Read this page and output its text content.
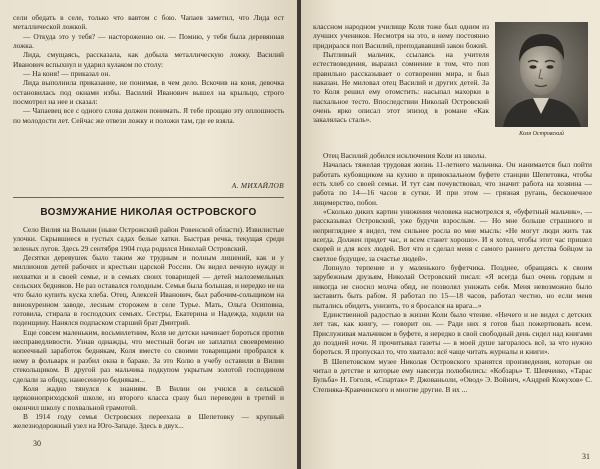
сели обедать в селе, только что вавтом с бою. Чапаев заметил, что Лида ест металлической ложкой.

— Откуда это у тебя? — настороженно он. — Помню, у тебя была деревянная ложка.

Лида, смущаясь, рассказала, как добыла металлическую ложку. Василий Иванович вспыхнул и ударил кулаком по столу:

— На коня! — приказал он.

Лида выполнила приказание, не понимая, в чем дело. Вскочив на коня, девочка остановилась под окнами избы. Василий Иванович вышел на крыльцо, строго посмотрел на нее и сказал:

— Чапаевец все с одного слова должен понимать. Я тебе прощаю эту оплошность по молодости лет. Сейчас же отвези ложку и положи там, где ее взяла.

А. МИХАЙЛОВ
ВОЗМУЖАНИЕ НИКОЛАЯ ОСТРОВСКОГО

Село Вилия на Волыни (ныне Острожский район Ровенской области). Извилистые улочки. Скрывшиеся в густых садах белые хатки. Быстрая речка, текущая среди зеленых лугов. Здесь 29 сентября 1904 года родился Николай Островский.

Десятки деревушек было таким же трудным и полным лишений, как и у миллионов детей рабочих и крестьян царской России. Он видел вечную нужду и нехватки и в своей семье, и в семьях своих товарищей — детей малоземельных сельских бедняков. Не раз оставался голодным. Семья была большая, и нередко не на что было купить куска хлеба. Отец, Алексей Иванович, был рабочим-сольщиком на винокуренном заводе, лесным сторожем в селе Турье. Мать, Ольга Осиповна, готовила, стирала в господских семьях. Сестры, Екатерина и Надежда, ходили на поденщину. Нанялся подпаском старший брат Дмитрий.

Еще совсем маленьким, восьмилетним, Коля не детски начинает бороться против несправедливости. Узнав однажды, что местный богач не заплатил своевременно копеечный заработок беднякам, Коля вместе со своими товарищами пробрался к нему в фольварк и разбил окна в бараке. За это Колю в учебу оставили в Вилии стекольщиком. В другой раз мальчика подкупом укрытым золотой господином сделали за обиду, нанесенную беднякам...

Коля жадно тянулся к знаниям. В Вилии он учился в сельской церковноприходской школе, из второго класса сразу был переведен в третий и окончил школу с похвальной грамотой.

В 1914 году семья Островских переехала в Шепетовку — крупный железнодорожный узел на Юго-Западе. Здесь в двух...

30

классном народном училище Коля тоже был одним из лучших учеников. Несмотря на это, в нему постоянно придирался поп Василий, преподававший закон божий.

Пытливый мальчик, ссылаясь на учителя естествоведения, выразил сомнение в том, что поп правильно рассказывает о сотворении мира, и был наказан. Не миловал отец Василий и других детей. За то Коля решил ему отомстить: насыпал махорки в пасхальное тесто. Впоследствии Николай Островский очень ярко описал этот эпизод в романе «Как закалялась сталь».

Коля Островский

Отец Василий добился исключения Коли из школы.

Началась тяжелая трудовая жизнь 11-летнего мальчика. Он нанимается был пойти работать кубовщиком на кухню в привокзальном буфете станции Шепетовка, чтобы есть хлеб со своей семьи. И тут сам почувствовал, что значит работа на хозяина — работа по 14—16 часов в сутки. И при этом — грязная ругань, бесконечное лицемерство, побои.

«Сколько диких картин унижения человека насмотрелся я, «буфетный мальчик», — рассказывал Островский, уже будучи взрослым. — Но мне больше страшного и непригляднее я видел, тем сильнее росла во мне мысль: «Не могут люди жить так всегда. Должен придет час, и всем станет хорошо». И я хотел, чтобы этот час пришел скорей и для всех людей. Вот что и сделал меня с самого раннего детства бойцом за светлое будущее, за счастье людей».

Лопнуло терпение и у маленького буфетчика. Позднее, обращаясь к своим зарубежным друзьям, Николай Островский писал: «Я всегда был очень гордым и никогда не сносил молча обид, не позволял унижать себя. Меня невозможно было заставить быть рабом. Я работал по 15—18 часов, работал честно, но если меня пытались обидеть, унизить, то я бросался на врага...»

Единственной радостью в жизни Коли было чтение. «Ничего и не видел с детских лет так, как книгу, — говорит он. — Ради них я готов был пожертвовать всем. Прислуживая мальчиком в буфете, я нередко в свой свободный день сидел над книгами до поздней ночи. Я прочитывал газеты — в моей душе загоралось всё, за что нужно бороться. Я пропускал то, что хватало: всё чаще читать журналы и книги».

В Шепетовском музее Николая Островского хранятся произведения, которые он читал в детстве и которые ему навсегда полюбились: «Кобзарь» Т. Шевченко, «Тарас Бульба» Н. Гоголя, «Спартак» Р. Джованьоли, «Овод» Э. Войнич, «Андрей Кожухов» С. Степняка-Кравчинского и многие другие. В их ...

31
